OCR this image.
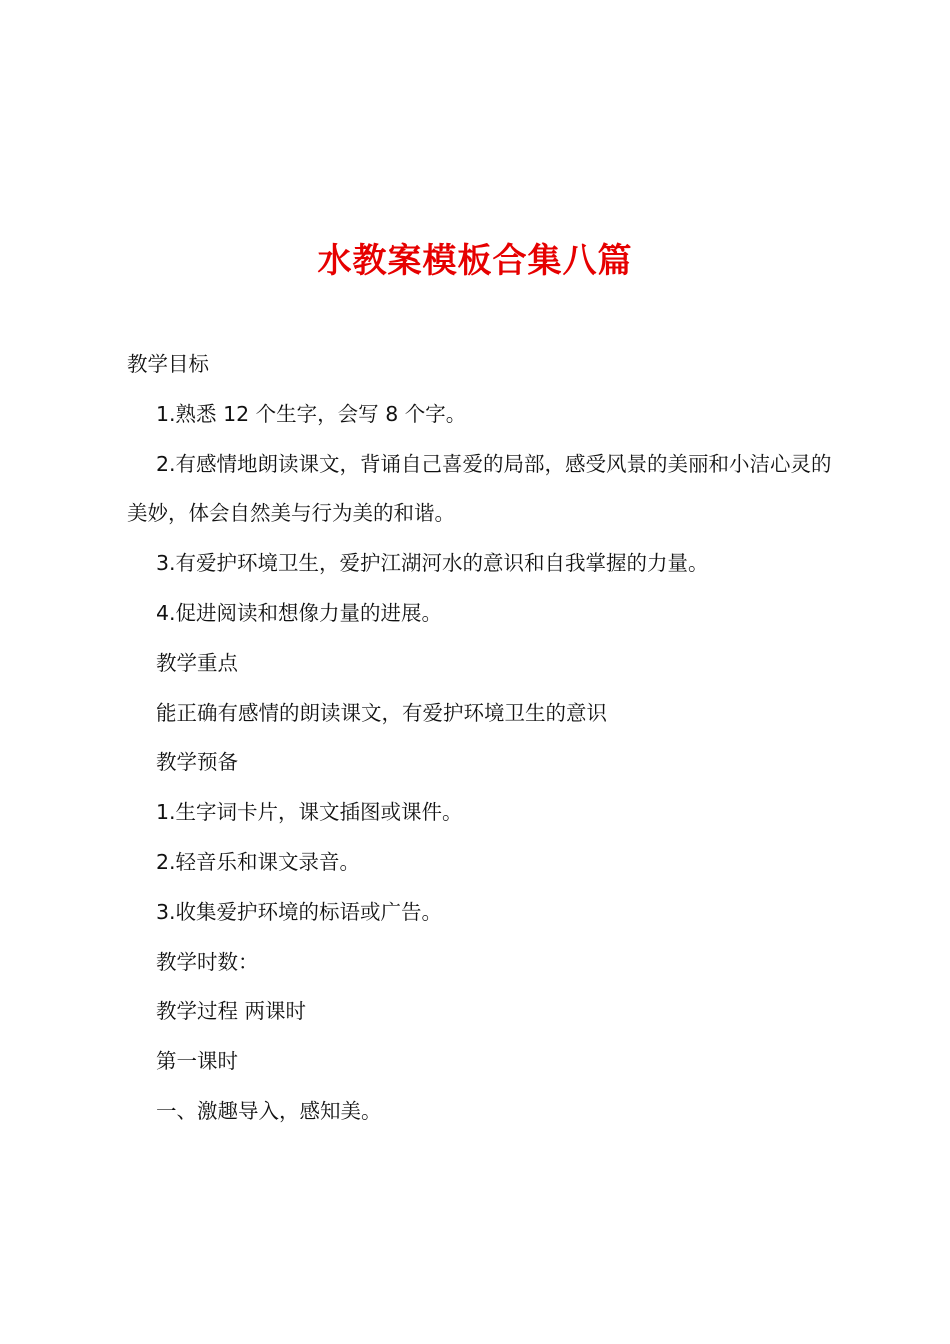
水教案模板合集八篇

教学目标

1.熟悉 12 个生字，会写 8 个字。

2.有感情地朗读课文，背诵自己喜爱的局部，感受风景的美丽和小洁心灵的美妙，体会自然美与行为美的和谐。

3.有爱护环境卫生，爱护江湖河水的意识和自我掌握的力量。

4.促进阅读和想像力量的进展。

教学重点

能正确有感情的朗读课文，有爱护环境卫生的意识

教学预备

1.生字词卡片，课文插图或课件。

2.轻音乐和课文录音。

3.收集爱护环境的标语或广告。

教学时数：

教学过程 两课时

第一课时

一、激趣导入，感知美。
